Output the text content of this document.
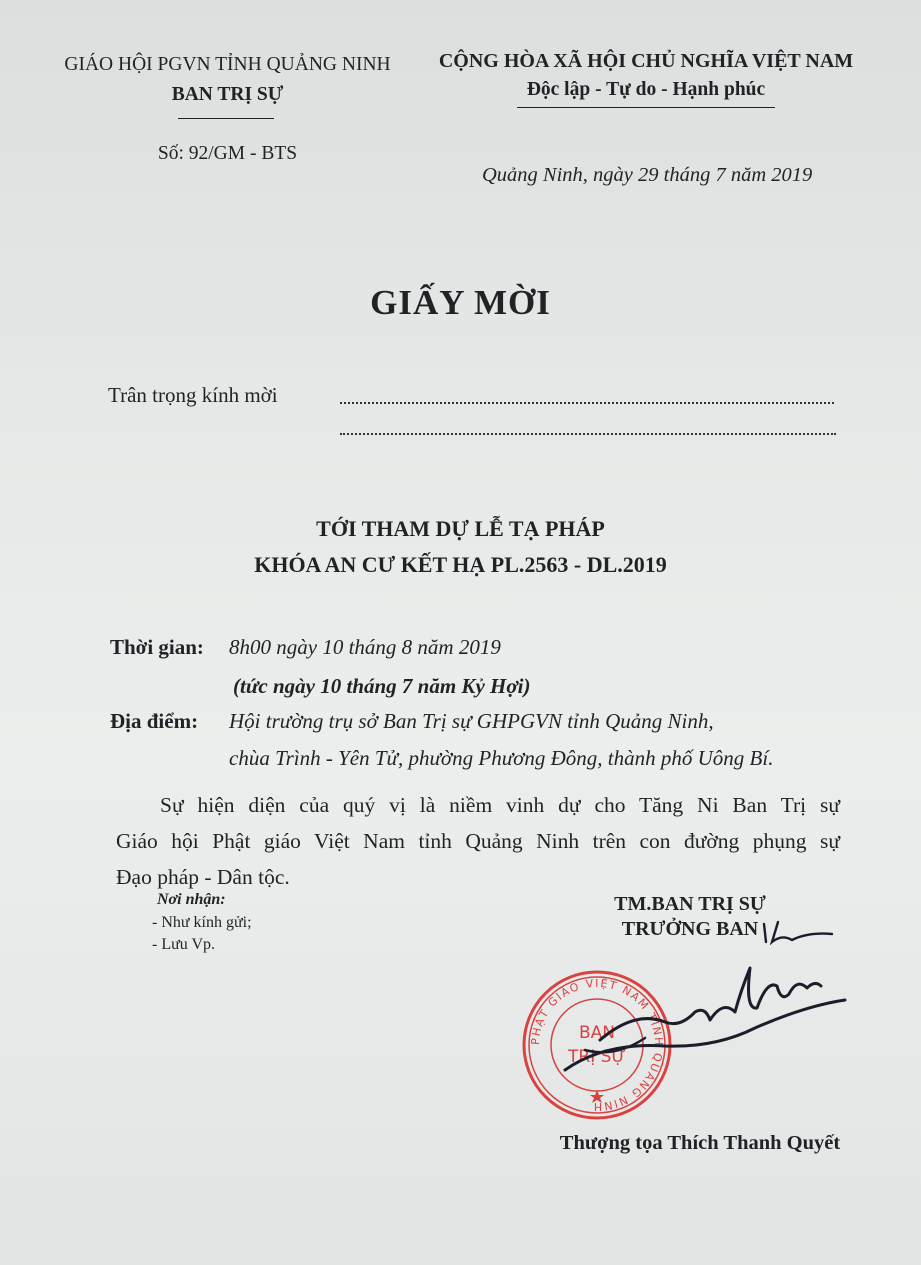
GIÁO HỘI PGVN TỈNH QUẢNG NINH
BAN TRỊ SỰ
Số: 92/GM - BTS
CỘNG HÒA XÃ HỘI CHỦ NGHĨA VIỆT NAM
Độc lập - Tự do - Hạnh phúc
Quảng Ninh, ngày 29 tháng 7 năm 2019
GIẤY MỜI
Trân trọng kính mời
TỚI THAM DỰ LỄ TẠ PHÁP
KHÓA AN CƯ KẾT HẠ PL.2563 - DL.2019
Thời gian: 8h00 ngày 10 tháng 8 năm 2019
(tức ngày 10 tháng 7 năm Kỷ Hợi)
Địa điểm: Hội trường trụ sở Ban Trị sự GHPGVN tỉnh Quảng Ninh,
chùa Trình - Yên Tử, phường Phương Đông, thành phố Uông Bí.
Sự hiện diện của quý vị là niềm vinh dự cho Tăng Ni Ban Trị sự
Giáo hội Phật giáo Việt Nam tỉnh Quảng Ninh trên con đường phụng sự
Đạo pháp - Dân tộc.
Nơi nhận:
- Như kính gửi;
- Lưu Vp.
TM.BAN TRỊ SỰ
TRƯỞNG BAN
PHẬT GIÁO VIỆT NAM TỈNH QUẢNG NINH
BAN
TRỊ SỰ
Thượng tọa Thích Thanh Quyết
